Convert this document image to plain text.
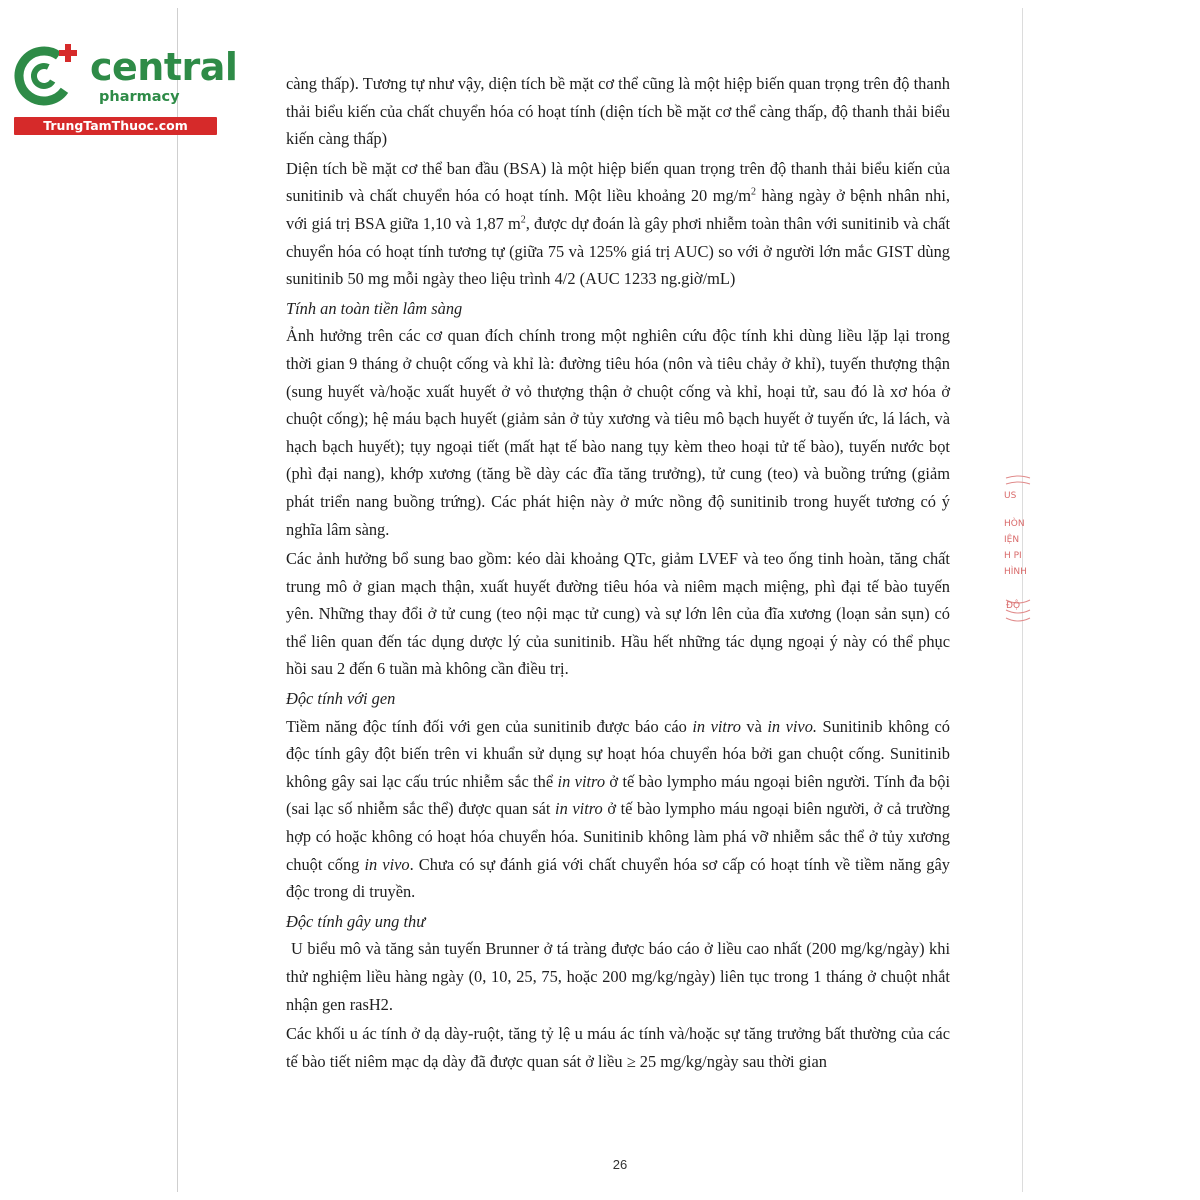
central
pharmacy
TrungTamThuoc.com

càng thấp). Tương tự như vậy, diện tích bề mặt cơ thể cũng là một hiệp biến quan trọng trên độ thanh thải biểu kiến của chất chuyển hóa có hoạt tính (diện tích bề mặt cơ thể càng thấp, độ thanh thải biểu kiến càng thấp)

Diện tích bề mặt cơ thể ban đầu (BSA) là một hiệp biến quan trọng trên độ thanh thải biểu kiến của sunitinib và chất chuyển hóa có hoạt tính. Một liều khoảng 20 $mg/m^2$ hàng ngày ở bệnh nhân nhi, với giá trị BSA giữa 1,10 và 1,87 $m^2$, được dự đoán là gây phơi nhiễm toàn thân với sunitinib và chất chuyển hóa có hoạt tính tương tự (giữa 75 và 125% giá trị AUC) so với ở người lớn mắc GIST dùng sunitinib 50 mg mỗi ngày theo liệu trình 4/2 (AUC 1233 ng.giờ/mL)

Tính an toàn tiền lâm sàng

Ảnh hưởng trên các cơ quan đích chính trong một nghiên cứu độc tính khi dùng liều lặp lại trong thời gian 9 tháng ở chuột cống và khỉ là: đường tiêu hóa (nôn và tiêu chảy ở khỉ), tuyến thượng thận (sung huyết và/hoặc xuất huyết ở vỏ thượng thận ở chuột cống và khỉ, hoại tử, sau đó là xơ hóa ở chuột cống); hệ máu bạch huyết (giảm sản ở tủy xương và tiêu mô bạch huyết ở tuyến ức, lá lách, và hạch bạch huyết); tụy ngoại tiết (mất hạt tế bào nang tụy kèm theo hoại tử tế bào), tuyến nước bọt (phì đại nang), khớp xương (tăng bề dày các đĩa tăng trưởng), tử cung (teo) và buồng trứng (giảm phát triển nang buồng trứng). Các phát hiện này ở mức nồng độ sunitinib trong huyết tương có ý nghĩa lâm sàng.

Các ảnh hưởng bổ sung bao gồm: kéo dài khoảng QTc, giảm LVEF và teo ống tinh hoàn, tăng chất trung mô ở gian mạch thận, xuất huyết đường tiêu hóa và niêm mạch miệng, phì đại tế bào tuyến yên. Những thay đổi ở tử cung (teo nội mạc tử cung) và sự lớn lên của đĩa xương (loạn sản sụn) có thể liên quan đến tác dụng dược lý của sunitinib. Hầu hết những tác dụng ngoại ý này có thể phục hồi sau 2 đến 6 tuần mà không cần điều trị.

Độc tính với gen

Tiềm năng độc tính đối với gen của sunitinib được báo cáo in vitro và in vivo. Sunitinib không có độc tính gây đột biến trên vi khuẩn sử dụng sự hoạt hóa chuyển hóa bởi gan chuột cống. Sunitinib không gây sai lạc cấu trúc nhiễm sắc thể in vitro ở tế bào lympho máu ngoại biên người. Tính đa bội (sai lạc số nhiễm sắc thể) được quan sát in vitro ở tế bào lympho máu ngoại biên người, ở cả trường hợp có hoặc không có hoạt hóa chuyển hóa. Sunitinib không làm phá vỡ nhiễm sắc thể ở tủy xương chuột cống in vivo. Chưa có sự đánh giá với chất chuyển hóa sơ cấp có hoạt tính về tiềm năng gây độc trong di truyền.

Độc tính gây ung thư

U biểu mô và tăng sản tuyến Brunner ở tá tràng được báo cáo ở liều cao nhất (200 mg/kg/ngày) khi thử nghiệm liều hàng ngày (0, 10, 25, 75, hoặc 200 mg/kg/ngày) liên tục trong 1 tháng ở chuột nhắt nhận gen rasH2.

Các khối u ác tính ở dạ dày-ruột, tăng tỷ lệ u máu ác tính và/hoặc sự tăng trưởng bất thường của các tế bào tiết niêm mạc dạ dày đã được quan sát ở liều ≥ 25 mg/kg/ngày sau thời gian

26
US
HÒN
IỆN
H PI
HÌNH
ĐỘ
